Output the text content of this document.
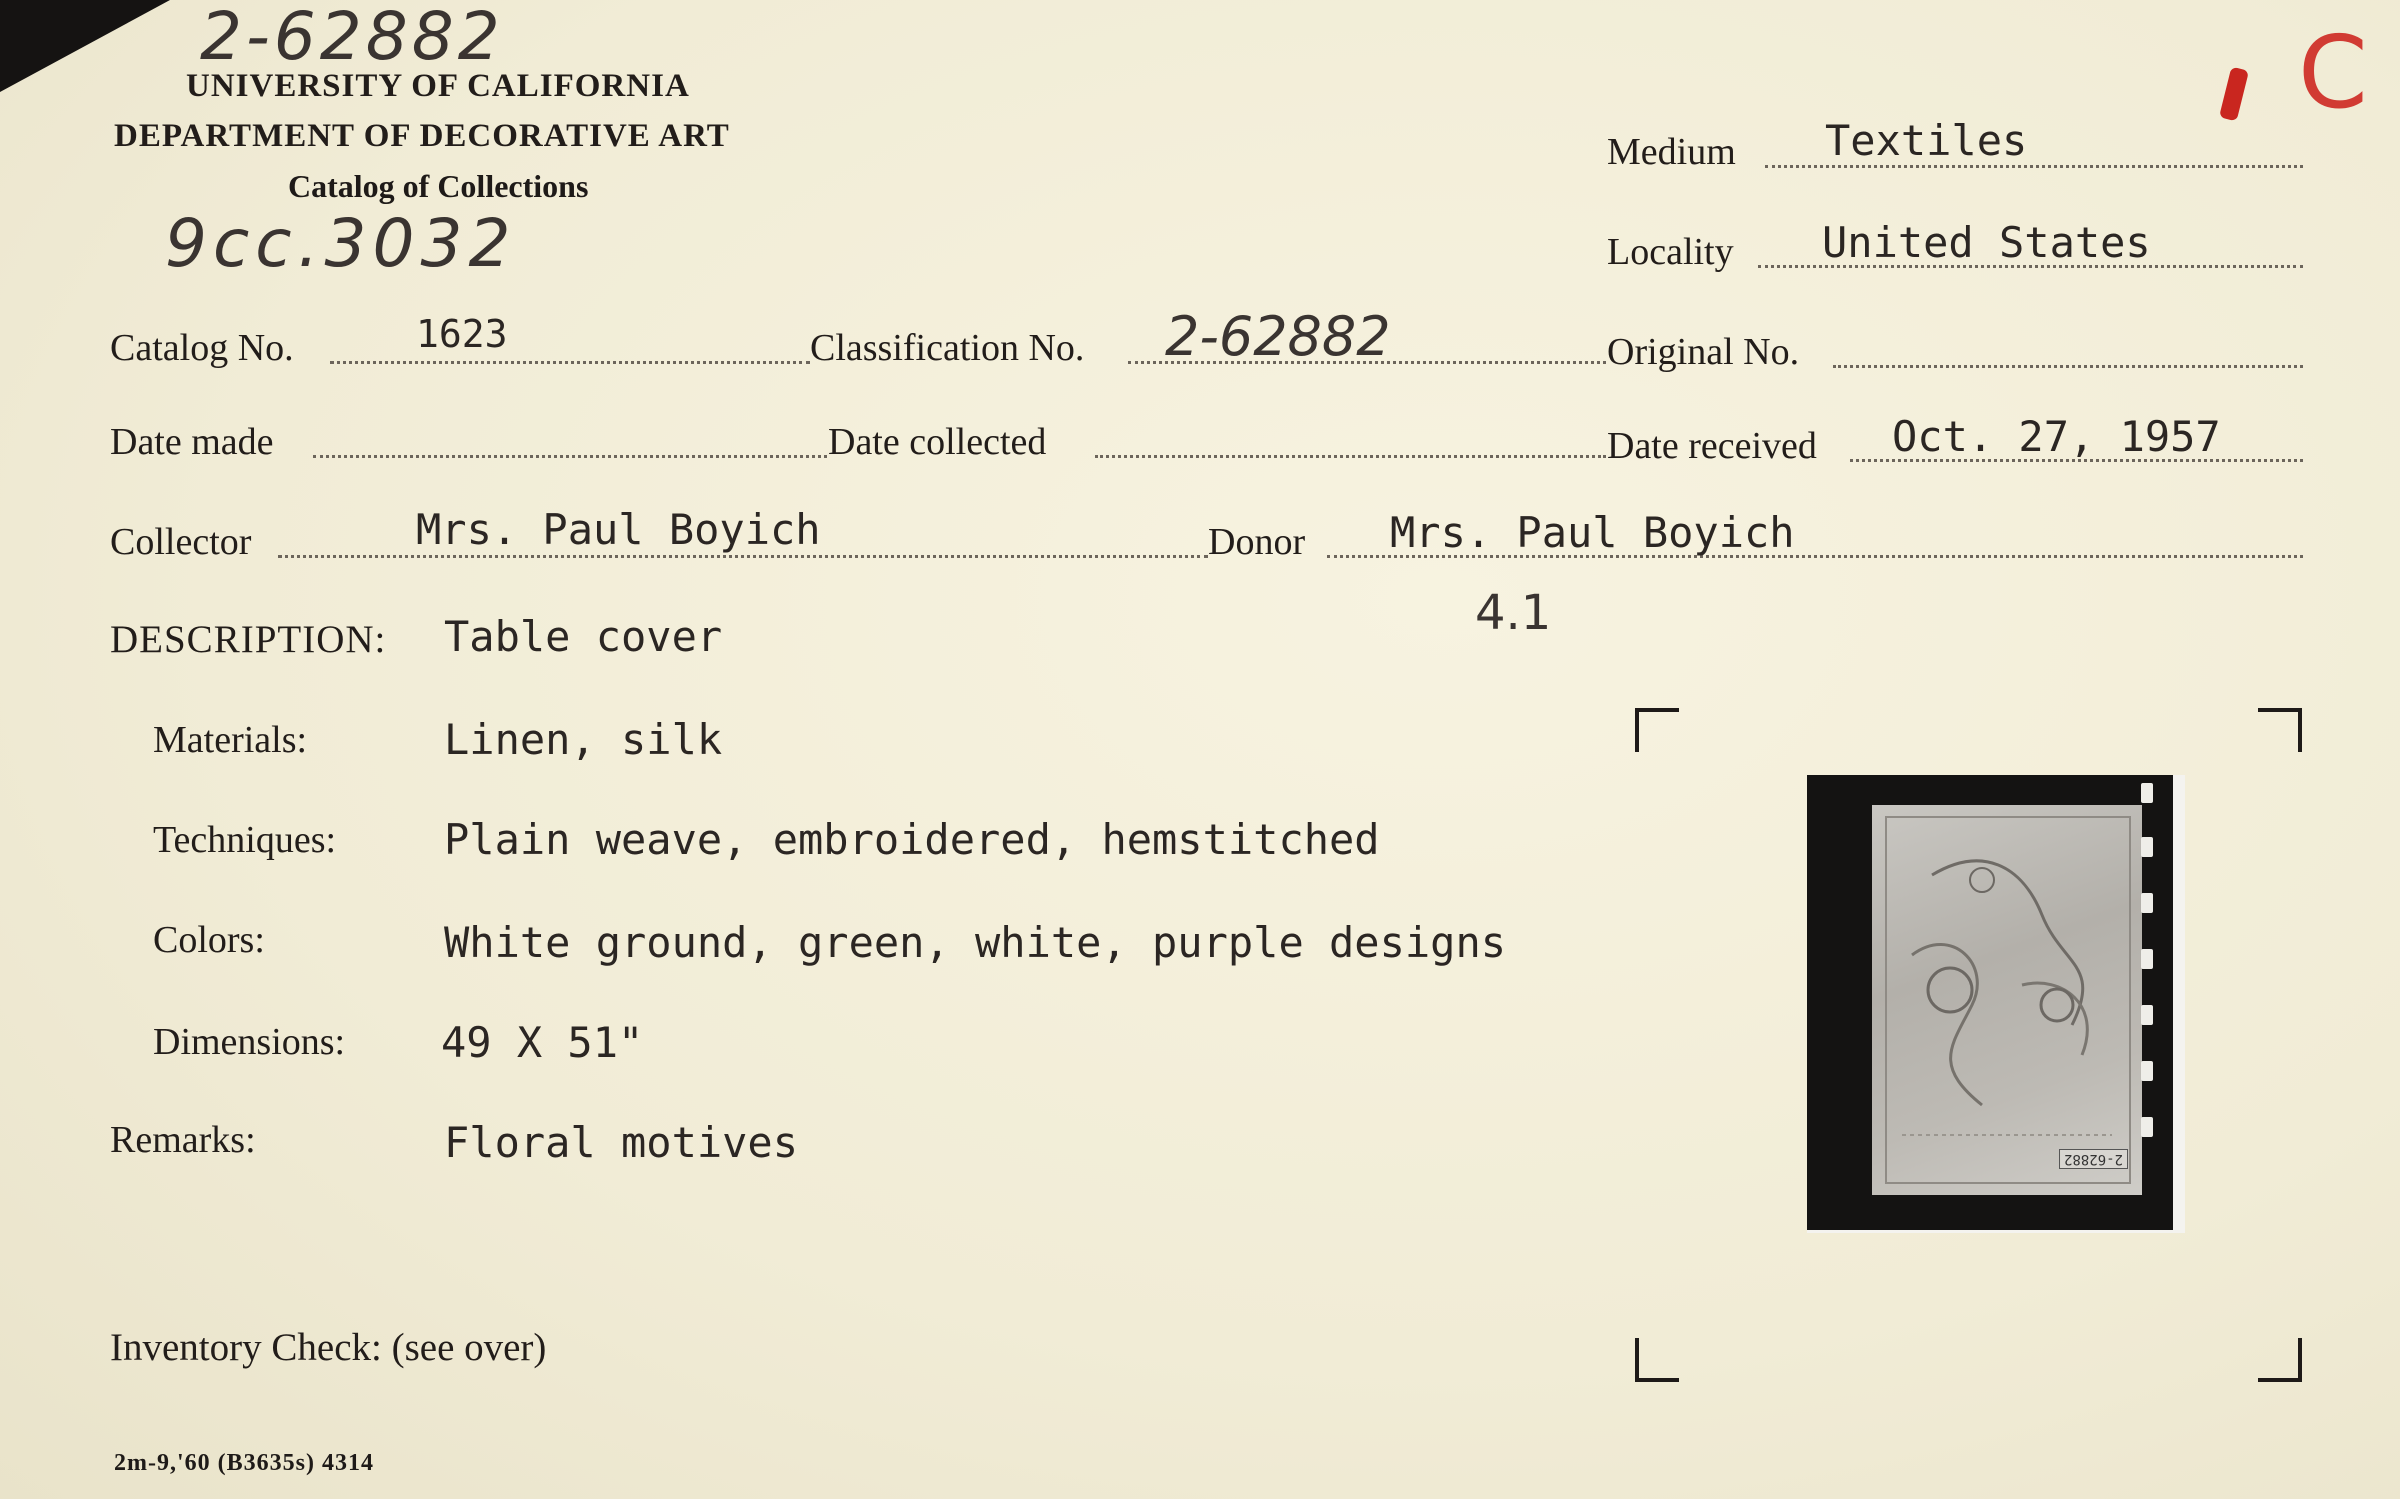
2-62882
UNIVERSITY OF CALIFORNIA
DEPARTMENT OF DECORATIVE ART
Catalog of Collections
9cc.3032
C
Medium Textiles
Locality United States
Catalog No.	1623	Classification No. 2-62882	Original No.
Date made	Date collected	Date received Oct. 27, 1957
Collector	Mrs. Paul Boyich	Donor Mrs. Paul Boyich
4.1
DESCRIPTION: Table cover
Materials:	Linen, silk
Techniques:	Plain weave, embroidered, hemstitched
Colors:	White ground, green, white, purple designs
Dimensions: 49 X 51"
Remarks:	Floral motives
Inventory Check: (see over)
2m-9,'60 (B3635s) 4314
2-62882
